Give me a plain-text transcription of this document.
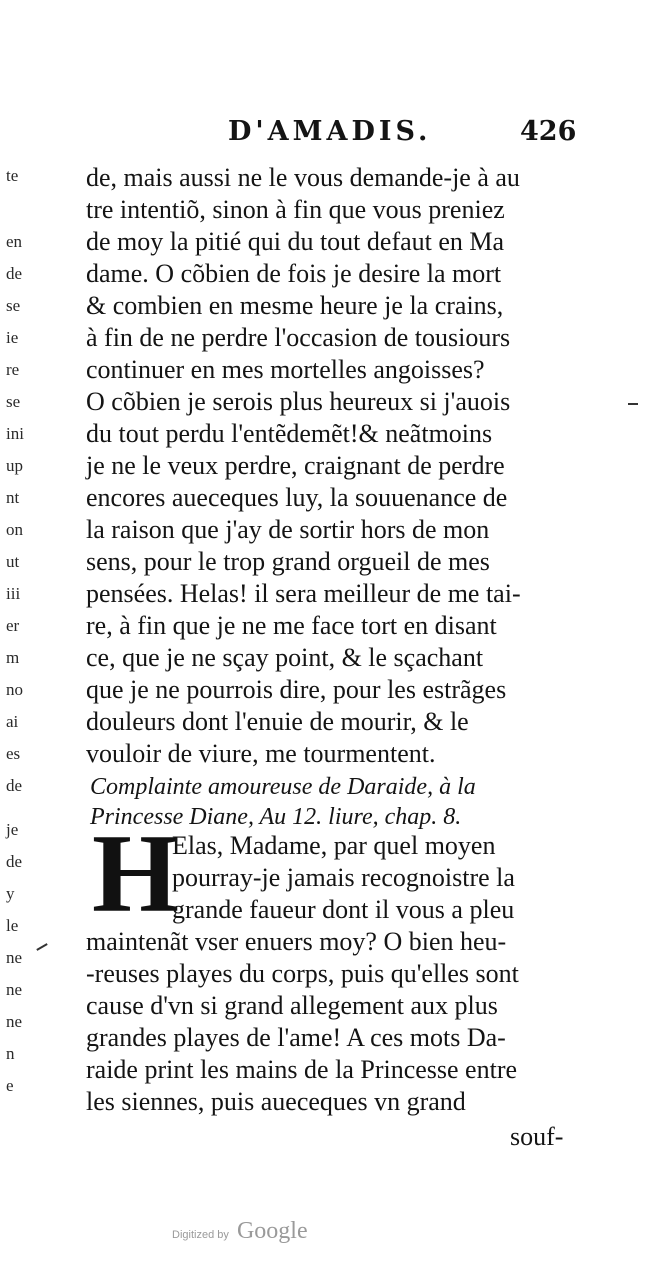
D'AMADIS.	426
te
en
de
se
ie
re
se
ini
up
nt
on
ut
iii
er
m
no
ai
es
de
je
de
y
le
ne
ne
ne
n
e
de, mais aussi ne le vous demande-je à au
tre intentiõ, sinon à fin que vous preniez
de moy la pitié qui du tout defaut en Ma
dame. O cõbien de fois je desire la mort
& combien en mesme heure je la crains,
à fin de ne perdre l'occasion de tousiours
continuer en mes mortelles angoisses?
O cõbien je serois plus heureux si j'auois
du tout perdu l'entẽdemẽt!& neãtmoins
je ne le veux perdre, craignant de perdre
encores aueceques luy, la souuenance de
la raison que j'ay de sortir hors de mon
sens, pour le trop grand orgueil de mes
pensées. Helas! il sera meilleur de me tai-
re, à fin que je ne me face tort en disant
ce, que je ne sçay point, & le sçachant
que je ne pourrois dire, pour les estrãges
douleurs dont l'enuie de mourir, & le
vouloir de viure, me tourmentent.
Complainte amoureuse de Daraide, à la
Princesse Diane, Au 12. liure, chap. 8.
H
Elas, Madame, par quel moyen
pourray-je jamais recognoistre la
grande faueur dont il vous a pleu
maintenãt vser enuers moy? O bien heu-
-reuses playes du corps, puis qu'elles sont
cause d'vn si grand allegement aux plus
grandes playes de l'ame! A ces mots Da-
raide print les mains de la Princesse entre
les siennes, puis aueceques vn grand
souf-
Digitized by Google
